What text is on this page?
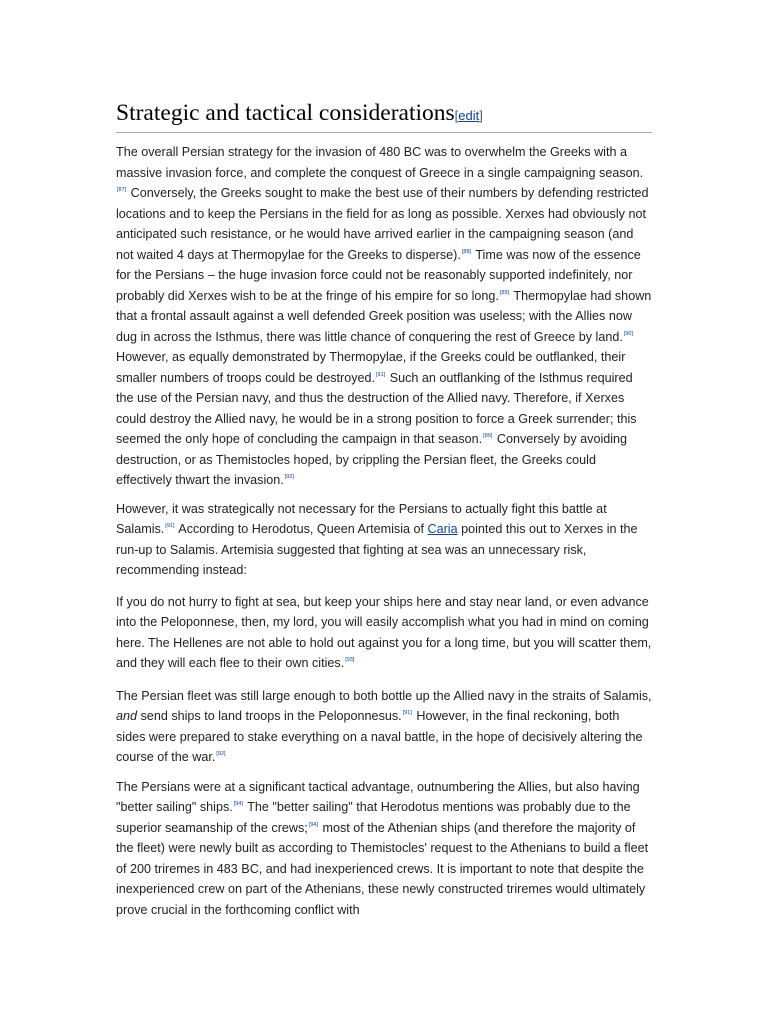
Strategic and tactical considerations[edit]

The overall Persian strategy for the invasion of 480 BC was to overwhelm the Greeks with a massive invasion force, and complete the conquest of Greece in a single campaigning season.[87] Conversely, the Greeks sought to make the best use of their numbers by defending restricted locations and to keep the Persians in the field for as long as possible. Xerxes had obviously not anticipated such resistance, or he would have arrived earlier in the campaigning season (and not waited 4 days at Thermopylae for the Greeks to disperse).[88] Time was now of the essence for the Persians – the huge invasion force could not be reasonably supported indefinitely, nor probably did Xerxes wish to be at the fringe of his empire for so long.[89] Thermopylae had shown that a frontal assault against a well defended Greek position was useless; with the Allies now dug in across the Isthmus, there was little chance of conquering the rest of Greece by land.[90] However, as equally demonstrated by Thermopylae, if the Greeks could be outflanked, their smaller numbers of troops could be destroyed.[91] Such an outflanking of the Isthmus required the use of the Persian navy, and thus the destruction of the Allied navy. Therefore, if Xerxes could destroy the Allied navy, he would be in a strong position to force a Greek surrender; this seemed the only hope of concluding the campaign in that season.[89] Conversely by avoiding destruction, or as Themistocles hoped, by crippling the Persian fleet, the Greeks could effectively thwart the invasion.[92]

However, it was strategically not necessary for the Persians to actually fight this battle at Salamis.[91] According to Herodotus, Queen Artemisia of Caria pointed this out to Xerxes in the run-up to Salamis. Artemisia suggested that fighting at sea was an unnecessary risk, recommending instead:

If you do not hurry to fight at sea, but keep your ships here and stay near land, or even advance into the Peloponnese, then, my lord, you will easily accomplish what you had in mind on coming here. The Hellenes are not able to hold out against you for a long time, but you will scatter them, and they will each flee to their own cities.[93]

The Persian fleet was still large enough to both bottle up the Allied navy in the straits of Salamis, and send ships to land troops in the Peloponnesus.[91] However, in the final reckoning, both sides were prepared to stake everything on a naval battle, in the hope of decisively altering the course of the war.[92]

The Persians were at a significant tactical advantage, outnumbering the Allies, but also having "better sailing" ships.[94] The "better sailing" that Herodotus mentions was probably due to the superior seamanship of the crews;[94] most of the Athenian ships (and therefore the majority of the fleet) were newly built as according to Themistocles' request to the Athenians to build a fleet of 200 triremes in 483 BC, and had inexperienced crews. It is important to note that despite the inexperienced crew on part of the Athenians, these newly constructed triremes would ultimately prove crucial in the forthcoming conflict with
